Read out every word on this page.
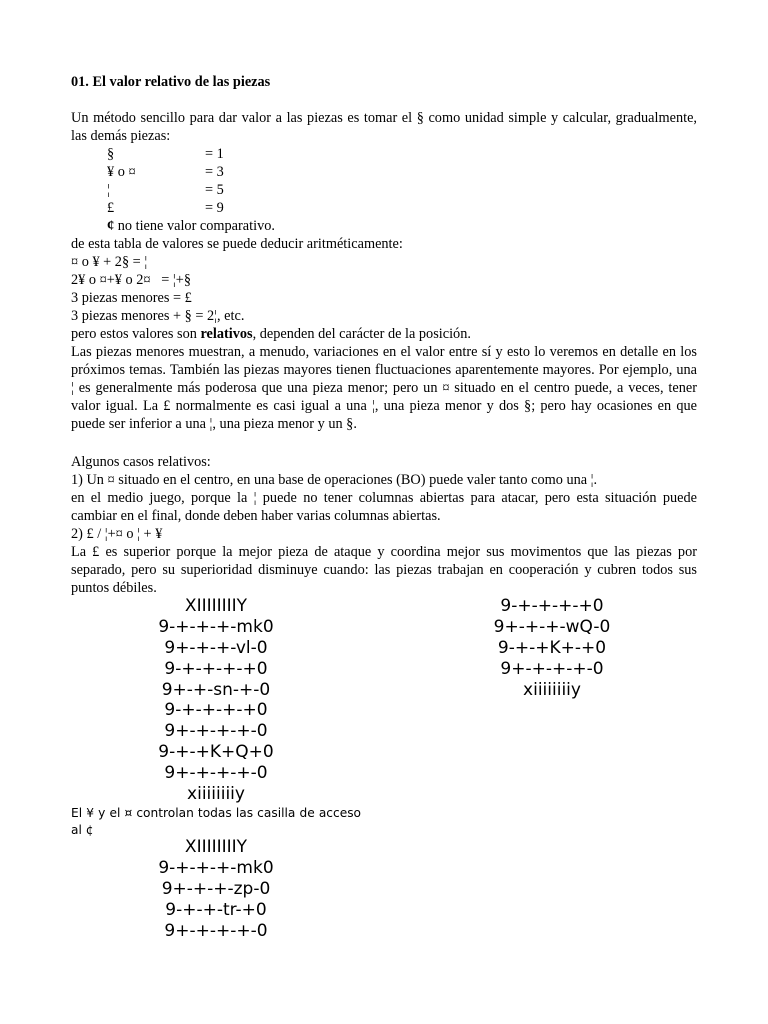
01. El valor relativo de las piezas
Un método sencillo para dar valor a las piezas es tomar el § como unidad simple y calcular, gradualmente, las demás piezas:
§	= 1
¥ o ¤	= 3
¦	= 5
£	= 9
¢ no tiene valor comparativo.
de esta tabla de valores se puede deducir aritméticamente:
¤ o ¥ + 2§ = ¦
2¥ o ¤+¥ o 2¤   = ¦+§
3 piezas menores = £
3 piezas menores + § = 2¦, etc.
pero estos valores son relativos, dependen del carácter de la posición.
Las piezas menores muestran, a menudo, variaciones en el valor entre sí y esto lo veremos en detalle en los próximos temas. También las piezas mayores tienen fluctuaciones aparentemente mayores. Por ejemplo, una ¦ es generalmente más poderosa que una pieza menor; pero un ¤ situado en el centro puede, a veces, tener valor igual. La £ normalmente es casi igual a una ¦, una pieza menor y dos §; pero hay ocasiones en que puede ser inferior a una ¦, una pieza menor y un §.
Algunos casos relativos:
1) Un ¤ situado en el centro, en una base de operaciones (BO) puede valer tanto como una ¦.
en el medio juego, porque la ¦ puede no tener columnas abiertas para atacar, pero esta situación puede cambiar en el final, donde deben haber varias columnas abiertas.
2) £ / ¦+¤ o ¦ + ¥
La £ es superior porque la mejor pieza de ataque y coordina mejor sus movimentos que las piezas por separado, pero su superioridad disminuye cuando: las piezas trabajan en cooperación y cubren todos sus puntos débiles.
XIIIIIIIIY
9-+-+-+-mk0
9+-+-+-vl-0
9-+-+-+-+0
9+-+-sn-+-0
9-+-+-+-+0
9+-+-+-+-0
9-+-+K+Q+0
9+-+-+-+-0
xiiiiiiiiy
9-+-+-+-+0
9+-+-+-wQ-0
9-+-+K+-+0
9+-+-+-+-0
xiiiiiiiiy
El ¥ y el ¤ controlan todas las casilla de acceso al ¢
XIIIIIIIIY
9-+-+-+-mk0
9+-+-+-zp-0
9-+-+-tr-+0
9+-+-+-+-0
